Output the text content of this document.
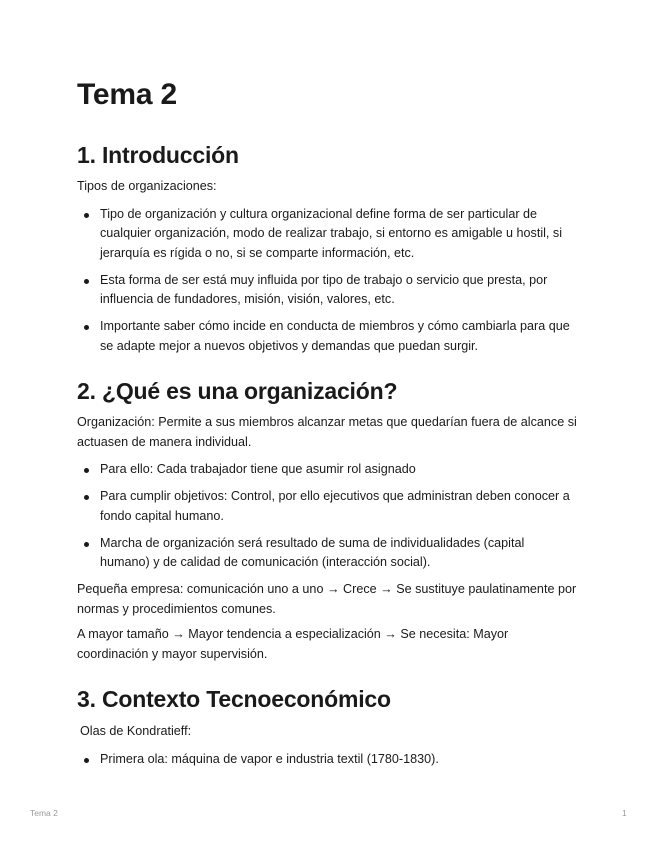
Tema 2
1. Introducción

Tipos de organizaciones:

Tipo de organización y cultura organizacional define forma de ser particular de cualquier organización, modo de realizar trabajo, si entorno es amigable u hostil, si jerarquía es rígida o no, si se comparte información, etc.
Esta forma de ser está muy influida por tipo de trabajo o servicio que presta, por influencia de fundadores, misión, visión, valores, etc.
Importante saber cómo incide en conducta de miembros y cómo cambiarla para que se adapte mejor a nuevos objetivos y demandas que puedan surgir.
2. ¿Qué es una organización?

Organización: Permite a sus miembros alcanzar metas que quedarían fuera de alcance si actuasen de manera individual.

Para ello: Cada trabajador tiene que asumir rol asignado
Para cumplir objetivos: Control, por ello ejecutivos que administran deben conocer a fondo capital humano.
Marcha de organización será resultado de suma de individualidades (capital humano) y de calidad de comunicación (interacción social).

Pequeña empresa: comunicación uno a uno → Crece → Se sustituye paulatinamente por normas y procedimientos comunes.

A mayor tamaño → Mayor tendencia a especialización → Se necesita: Mayor coordinación y mayor supervisión.

3. Contexto Tecnoeconómico

Olas de Kondratieff:

Primera ola: máquina de vapor e industria textil (1780-1830).
Tema 2	1
